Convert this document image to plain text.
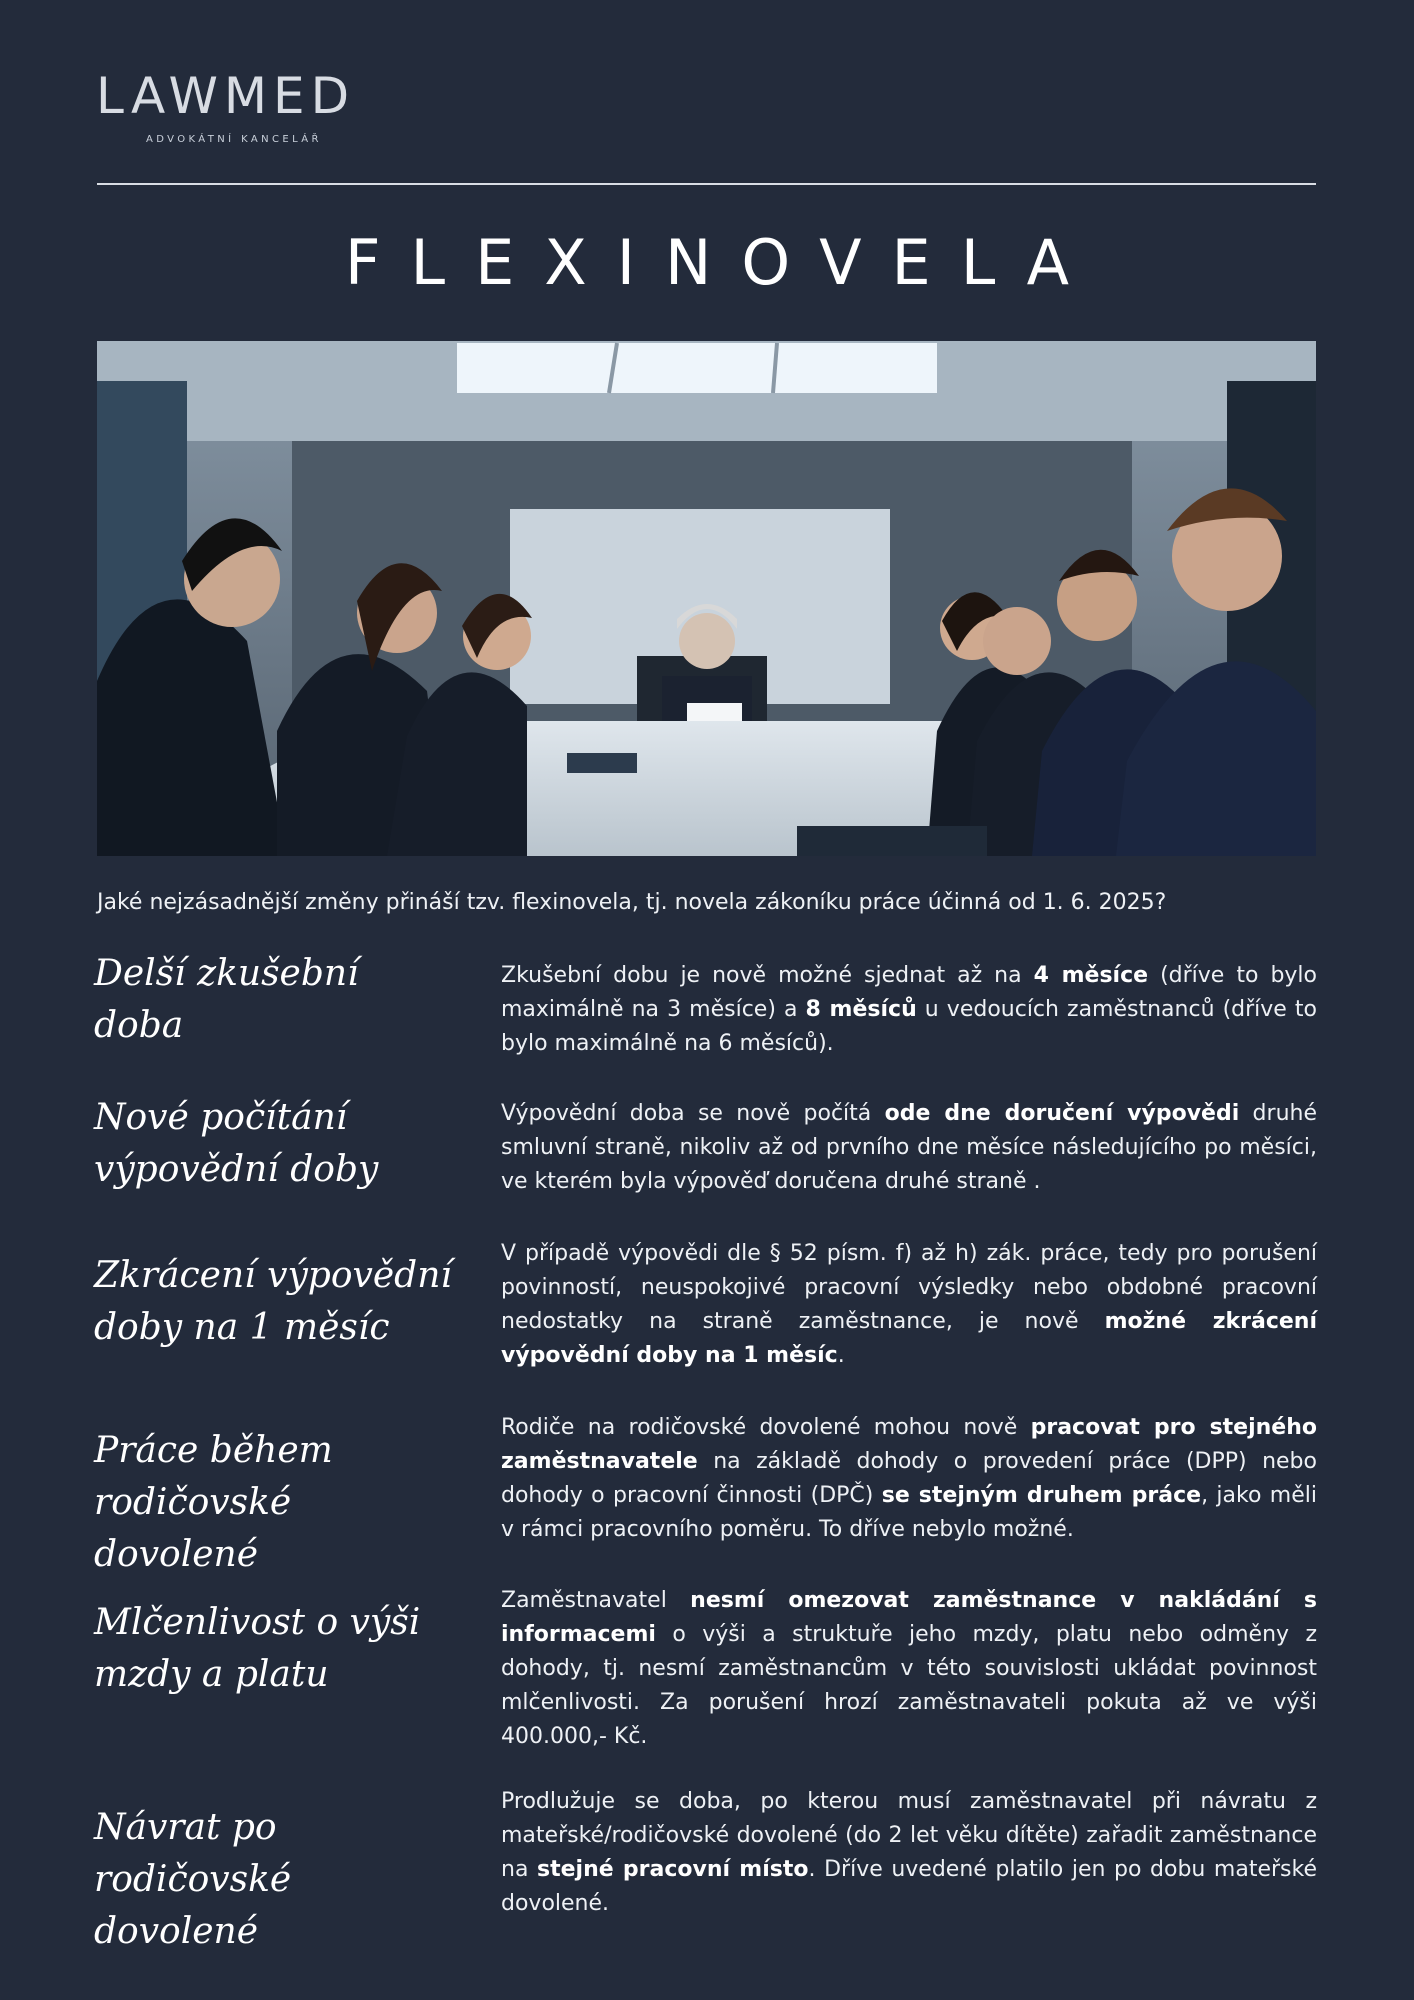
LAWMED
ADVOKÁTNÍ KANCELÁŘ
FLEXINOVELA
Jaké nejzásadnější změny přináší tzv. flexinovela, tj. novela zákoníku práce účinná od 1. 6. 2025?
Delší zkušební doba
Zkušební dobu je nově možné sjednat až na 4 měsíce (dříve to bylo maximálně na 3 měsíce) a 8 měsíců u vedoucích zaměstnanců (dříve to bylo maximálně na 6 měsíců).
Nové počítání výpovědní doby
Výpovědní doba se nově počítá ode dne doručení výpovědi druhé smluvní straně, nikoliv až od prvního dne měsíce následujícího po měsíci, ve kterém byla výpověď doručena druhé straně .
Zkrácení výpovědní doby na 1 měsíc
V případě výpovědi dle § 52 písm. f) až h) zák. práce, tedy pro porušení povinností, neuspokojivé pracovní výsledky nebo obdobné pracovní nedostatky na straně zaměstnance, je nově možné zkrácení výpovědní doby na 1 měsíc.
Práce během rodičovské dovolené
Rodiče na rodičovské dovolené mohou nově pracovat pro stejného zaměstnavatele na základě dohody o provedení práce (DPP) nebo dohody o pracovní činnosti (DPČ) se stejným druhem práce, jako měli v rámci pracovního poměru. To dříve nebylo možné.
Mlčenlivost o výši mzdy a platu
Zaměstnavatel nesmí omezovat zaměstnance v nakládání s informacemi o výši a struktuře jeho mzdy, platu nebo odměny z dohody, tj. nesmí zaměstnancům v této souvislosti ukládat povinnost mlčenlivosti. Za porušení hrozí zaměstnavateli pokuta až ve výši 400.000,- Kč.
Návrat po rodičovské dovolené
Prodlužuje se doba, po kterou musí zaměstnavatel při návratu z mateřské/rodičovské dovolené (do 2 let věku dítěte) zařadit zaměstnance na stejné pracovní místo. Dříve uvedené platilo jen po dobu mateřské dovolené.
